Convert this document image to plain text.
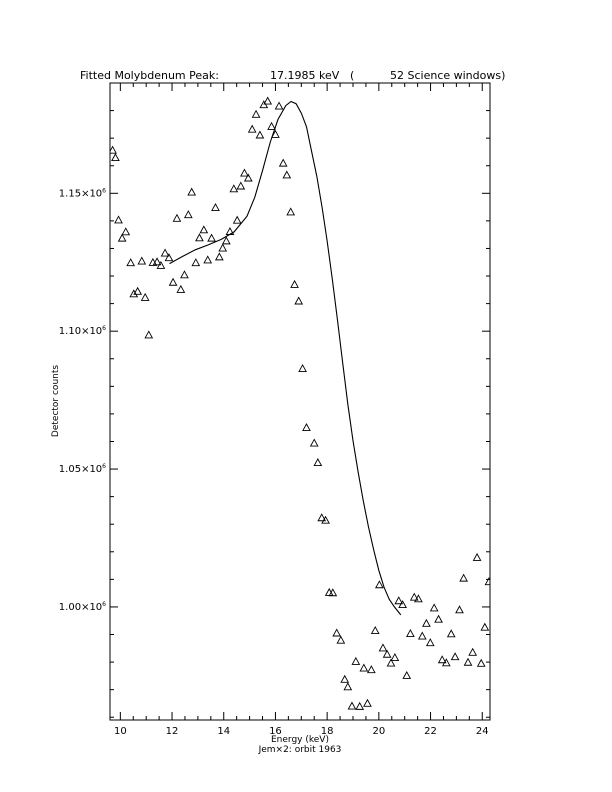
Fitted Molybdenum Peak:	17.1985 keV (	52 Science windows)
10	12	14	16	18	20	22	24
$1.00\times 10^6$
$1.05\times 10^6$
$1.10\times 10^6$
$1.15\times 10^6$
Energy (keV)
Jem×2: orbit 1963
Detector counts
